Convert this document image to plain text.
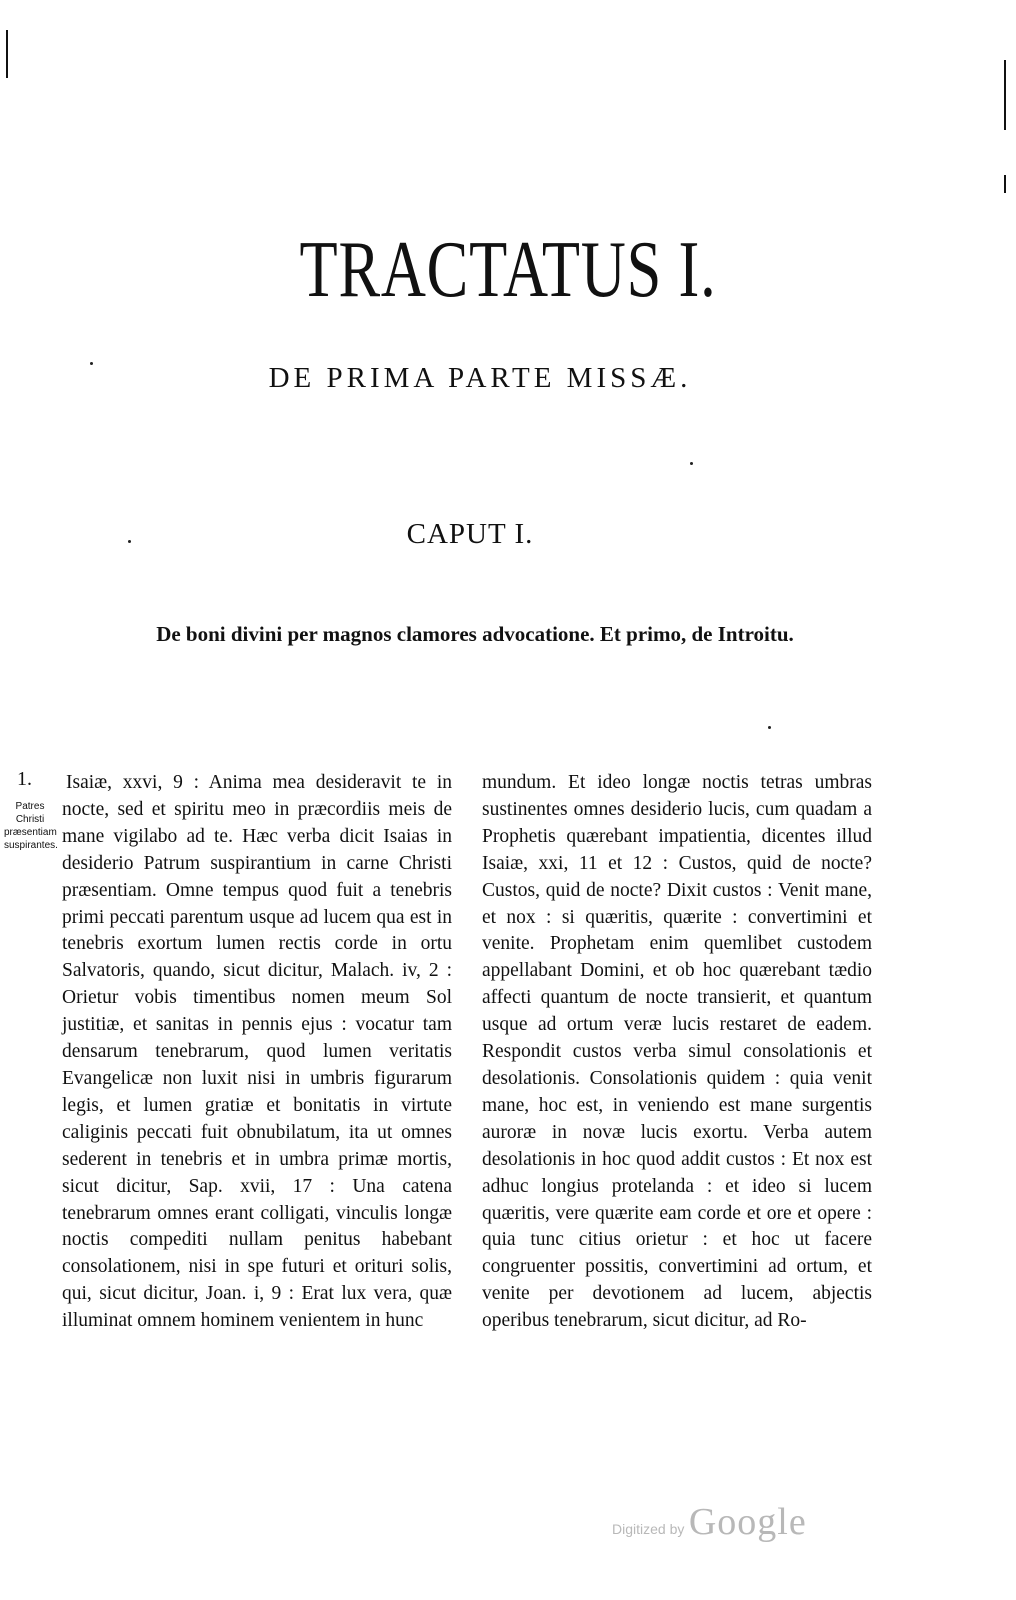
TRACTATUS I.
DE PRIMA PARTE MISSÆ.
CAPUT I.
De boni divini per magnos clamores advocatione. Et primo, de Introitu.
1.
Patres Christi præsentiam suspirantes.

Isaiæ, xxvi, 9 : Anima mea desideravit te in nocte, sed et spiritu meo in præcordiis meis de mane vigilabo ad te. Hæc verba dicit Isaias in desiderio Patrum suspirantium in carne Christi præsentiam. Omne tempus quod fuit a tenebris primi peccati parentum usque ad lucem qua est in tenebris exortum lumen rectis corde in ortu Salvatoris, quando, sicut dicitur, Malach. iv, 2 : Orietur vobis timentibus nomen meum Sol justitiæ, et sanitas in pennis ejus : vocatur tam densarum tenebrarum, quod lumen veritatis Evangelicæ non luxit nisi in umbris figurarum legis, et lumen gratiæ et bonitatis in virtute caliginis peccati fuit obnubilatum, ita ut omnes sederent in tenebris et in umbra primæ mortis, sicut dicitur, Sap. xvii, 17 : Una catena tenebrarum omnes erant colligati, vinculis longæ noctis compediti nullam penitus habebant consolationem, nisi in spe futuri et orituri solis, qui, sicut dicitur, Joan. i, 9 : Erat lux vera, quæ illuminat omnem hominem venientem in hunc

mundum. Et ideo longæ noctis tetras umbras sustinentes omnes desiderio lucis, cum quadam a Prophetis quærebant impatientia, dicentes illud Isaiæ, xxi, 11 et 12 : Custos, quid de nocte? Custos, quid de nocte? Dixit custos : Venit mane, et nox : si quæritis, quærite : convertimini et venite. Prophetam enim quemlibet custodem appellabant Domini, et ob hoc quærebant tædio affecti quantum de nocte transierit, et quantum usque ad ortum veræ lucis restaret de eadem. Respondit custos verba simul consolationis et desolationis. Consolationis quidem : quia venit mane, hoc est, in veniendo est mane surgentis auroræ in novæ lucis exortu. Verba autem desolationis in hoc quod addit custos : Et nox est adhuc longius protelanda : et ideo si lucem quæritis, vere quærite eam corde et ore et opere : quia tunc citius orietur : et hoc ut facere congruenter possitis, convertimini ad ortum, et venite per devotionem ad lucem, abjectis operibus tenebrarum, sicut dicitur, ad Ro-

Digitized by Google
